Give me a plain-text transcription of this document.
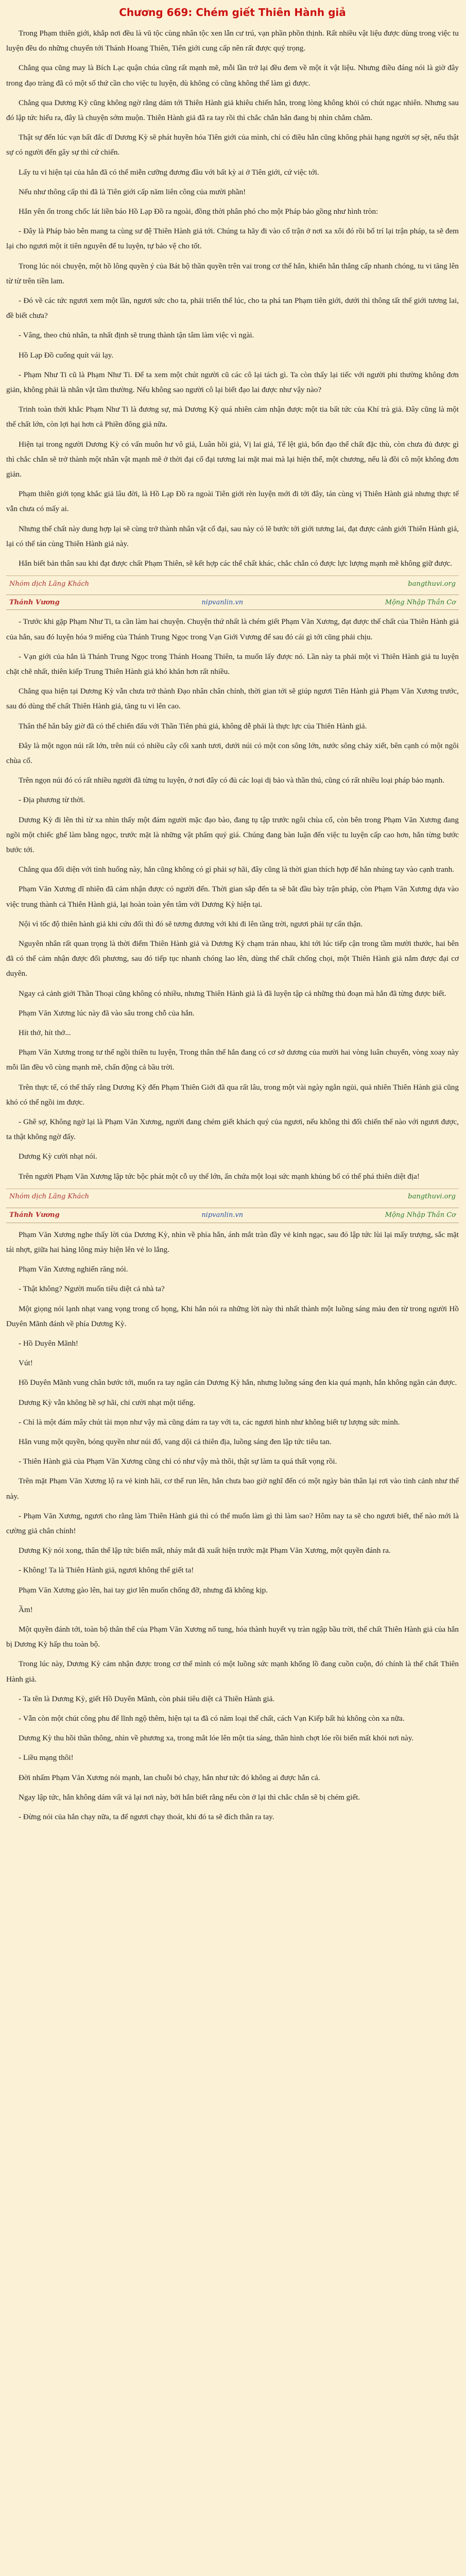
Chương 669: Chém giết Thiên Hành giả

Trong Phạm thiên giới, khắp nơi đều là vũ tộc cùng nhân tộc xen lẫn cư trú, vạn phần phồn thịnh. Rất nhiều vật liệu được dùng trong việc tu luyện đều do những chuyến tới Thánh Hoang Thiên, Tiên giới cung cấp nên rất được quý trọng.

Chẳng qua cũng may là Bích Lạc quận chúa cũng rất mạnh mẽ, mỗi lần trở lại đều đem về một ít vật liệu. Nhưng điều đáng nói là giờ đây trong đạo tràng đã có một số thứ cần cho việc tu luyện, dù không có cũng không thể làm gì được.

Chẳng qua Dương Kỳ cũng không ngờ rằng dám tới Thiên Hành giả khiêu chiến hắn, trong lòng không khỏi có chút ngạc nhiên. Nhưng sau đó lập tức hiểu ra, đây là chuyện sớm muộn. Thiên Hành giả đã ra tay rồi thì chắc chắn hắn đang bị nhìn chằm chằm.

Thật sự đến lúc vạn bất đắc dĩ Dương Kỳ sẽ phát huyền hóa Tiên giới của mình, chỉ có điều hắn cũng không phải hạng người sợ sệt, nếu thật sự có người đến gây sự thì cứ chiến.

Lấy tu vi hiện tại của hắn đã có thể miễn cưỡng đương đầu với bất kỳ ai ở Tiên giới, cứ việc tới.

Nếu như thông cấp thì đã là Tiên giới cấp năm liên công của mười phần!

Hắn yên ổn trong chốc lát liền báo Hồ Lạp Đồ ra ngoài, đồng thời phân phó cho một Pháp bảo gồng như hình tròn:

- Đây là Pháp bảo bên mang ta cùng sư đệ Thiên Hành giả tới. Chúng ta hãy đi vào cổ trận ở nơi xa xôi đó rồi bố trí lại trận pháp, ta sẽ đem lại cho ngươi một ít tiên nguyên để tu luyện, tự bảo vệ cho tốt.

Trong lúc nói chuyện, một hồ lông quyền ý của Bát bộ thần quyền trên vai trong cơ thể hắn, khiến hắn thắng cấp nhanh chóng, tu vi tăng lên từ từ trên tiền lam.

- Đó về các tức ngươi xem một lần, ngươi sức cho ta, phải triển thể lúc, cho ta phá tan Phạm tiên giới, dưới thì thông tất thế giới tương lai, đề biết chưa?

- Vâng, theo chủ nhân, ta nhất định sẽ trung thành tận tâm làm việc vì ngài.

Hồ Lạp Đồ cuống quít vái lạy.

- Phạm Như Ti cũ là Phạm Như Ti. Để ta xem một chút người cũ các cô lại tách gì. Ta còn thấy lại tiếc với người phi thường không đơn giản, không phải là nhân vật tầm thường. Nếu không sao người cô lại biết đạo lai được như vậy nào?

Trinh toàn thời khắc Phạm Như Ti là đương sự, mà Dương Kỳ quá nhiên cảm nhận được một tia bất tức của Khí trà giả. Đây cũng là một thế chất lớn, còn lợi hại hơn cả Phiền đông giả nữa.

Hiện tại trong người Dương Kỳ có vấn muôn hư vô giả, Luân hồi giả, Vị lai giả, Tế lệt giả, bốn đạo thể chất đặc thù, còn chưa đủ được gì thì chắc chắn sẽ trở thành một nhân vật mạnh mẽ ở thời đại cổ đại tương lai mặt mai mà lại hiện thể, một chương, nếu là đồi cô một không đơn giản.

Phạm thiên giới tọng khắc giả lâu đời, là Hồ Lạp Đồ ra ngoài Tiên giới rèn luyện mới đi tới đây, tán cùng vị Thiên Hành giả nhưng thực tế vẫn chưa có mấy ai.

Nhưng thế chất này dung hợp lại sẽ cùng trở thành nhân vật cổ đại, sau này có lẽ bước tới giới tương lai, đạt được cảnh giới Thiên Hành giả, lại có thể tán cùng Thiên Hành giả này.

Hắn biết bản thân sau khi đạt được chất Phạm Thiên, sẽ kết hợp các thể chất khác, chắc chắn có được lực lượng mạnh mẽ không giữ được.

Nhóm dịch Lãng Khách	bangthuvi.org
Thánh Vương	nipvanlin.vn	Mộng Nhập Thần Cơ

- Trước khi gặp Phạm Như Ti, ta cần làm hai chuyện. Chuyện thứ nhất là chém giết Phạm Văn Xương, đạt được thể chất của Thiên Hành giả của hắn, sau đó luyện hóa 9 miếng của Thánh Trung Ngọc trong Vạn Giới Vương để sau đó cái gì tới cũng phải chịu.

- Vạn giới của hắn là Thánh Trung Ngọc trong Thánh Hoang Thiên, ta muốn lấy được nó. Lần này ta phải một vì Thiên Hành giả tu luyện chặt chẽ nhất, thiên kiếp Trung Thiên Hành giả khó khăn hơn rất nhiều.

Chẳng qua hiện tại Dương Kỳ vẫn chưa trở thành Đạo nhân chân chính, thời gian tới sẽ giúp ngươi Tiên Hành giả Phạm Văn Xương trước, sau đó dùng thể chất Thiên Hành giả, tăng tu vi lên cao.

Thân thể hắn bây giờ đã có thể chiến đấu với Thần Tiên phủ giả, không dễ phải là thực lực của Thiên Hành giả.

Đây là một ngọn núi rất lớn, trên núi có nhiều cây cối xanh tươi, dưới núi có một con sông lớn, nước sông chảy xiết, bên cạnh có một ngôi chùa cổ.

Trên ngọn núi đó có rất nhiều người đã từng tu luyện, ở nơi đây có đủ các loại dị bảo và thần thú, cũng có rất nhiều loại pháp bảo mạnh.

- Địa phương từ thời.

Dương Kỳ đi lên thì từ xa nhìn thấy một đám người mặc đạo bào, đang tụ tập trước ngôi chùa cổ, còn bên trong Phạm Văn Xương đang ngồi một chiếc ghế làm bằng ngọc, trước mặt là những vật phẩm quý giá. Chúng đang bàn luận đến việc tu luyện cấp cao hơn, hắn từng bước bước tới.

Chẳng qua đối diện với tình huống này, hắn cũng không có gì phải sợ hãi, đây cũng là thời gian thích hợp để hắn nhúng tay vào cạnh tranh.

Phạm Văn Xương dĩ nhiên đã cảm nhận được có người đến. Thời gian sắp đến ta sẽ bắt đầu bày trận pháp, còn Phạm Văn Xương dựa vào việc trung thành cả Thiên Hành giả, lại hoàn toàn yên tâm với Dương Kỳ hiện tại.

Nội vì tốc độ thiên hành giả khi cứu đối thì đó sẽ tương đương với khi đi lên tầng trời, ngươi phải tự cẩn thận.

Nguyên nhân rất quan trọng là thời điểm Thiên Hành giả và Dương Kỳ chạm trán nhau, khi tới lúc tiếp cận trong tầm mười thước, hai bên đã có thể cảm nhận được đối phương, sau đó tiếp tục nhanh chóng lao lên, dùng thể chất chống chọi, một Thiên Hành giả nắm được đại cơ duyên.

Ngay cả cảnh giới Thần Thoại cũng không có nhiều, nhưng Thiên Hành giả là đã luyện tập cả những thủ đoạn mà hắn đã từng được biết.

Phạm Văn Xương lúc này đã vào sâu trong chỗ của hắn.

Hít thở, hít thở...

Phạm Văn Xương trong tư thế ngồi thiền tu luyện, Trong thân thể hắn đang có cơ sở dương của mười hai vòng luân chuyển, vòng xoay này mỗi lần đều vô cùng mạnh mẽ, chấn động cả bầu trời.

Trên thực tế, có thể thấy rằng Dương Kỳ đến Phạm Thiên Giới đã qua rất lâu, trong một vài ngày ngắn ngủi, quả nhiên Thiên Hành giả cũng khó có thể ngồi im được.

- Ghê sợ, Không ngờ lại là Phạm Văn Xương, người đang chém giết khách quý của ngươi, nếu không thì đối chiến thế nào với ngươi được, ta thật không ngờ đấy.

Dương Kỳ cười nhạt nói.

Trên người Phạm Văn Xương lập tức bộc phát một cỗ uy thế lớn, ẩn chứa một loại sức mạnh khủng bố có thể phá thiên diệt địa!

Nhóm dịch Lãng Khách	bangthuvi.org
Thánh Vương	nipvanlin.vn	Mộng Nhập Thần Cơ

Phạm Văn Xương nghe thấy lời của Dương Kỳ, nhìn về phía hắn, ánh mắt tràn đầy vẻ kinh ngạc, sau đó lập tức lùi lại mấy trượng, sắc mặt tái nhợt, giữa hai hàng lông mày hiện lên vẻ lo lắng.

Phạm Văn Xương nghiến răng nói.

- Thật không? Người muốn tiêu diệt cả nhà ta?

Một giọng nói lạnh nhạt vang vọng trong cổ họng, Khi hắn nói ra những lời này thì nhất thành một luồng sáng màu đen từ trong người Hồ Duyên Mãnh đánh về phía Dương Kỳ.

- Hồ Duyên Mãnh!

Vút!

Hồ Duyên Mãnh vung chân bước tới, muốn ra tay ngăn cản Dương Kỳ hắn, nhưng luồng sáng đen kia quá mạnh, hắn không ngăn cản được.

Dương Kỳ vẫn không hề sợ hãi, chỉ cười nhạt một tiếng.

- Chỉ là một đám mây chút tài mọn như vậy mà cũng dám ra tay với ta, các ngươi hình như không biết tự lượng sức mình.

Hắn vung một quyền, bóng quyền như núi đổ, vang dội cả thiên địa, luồng sáng đen lập tức tiêu tan.

- Thiên Hành giả của Phạm Văn Xương cũng chỉ có như vậy mà thôi, thật sự làm ta quá thất vọng rồi.

Trên mặt Phạm Văn Xương lộ ra vẻ kinh hãi, cơ thể run lên, hắn chưa bao giờ nghĩ đến có một ngày bản thân lại rơi vào tình cảnh như thế này.

- Phạm Văn Xương, ngươi cho rằng làm Thiên Hành giả thì có thể muốn làm gì thì làm sao? Hôm nay ta sẽ cho ngươi biết, thế nào mới là cường giả chân chính!

Dương Kỳ nói xong, thân thể lập tức biến mất, nháy mắt đã xuất hiện trước mặt Phạm Văn Xương, một quyền đánh ra.

- Không! Ta là Thiên Hành giả, ngươi không thể giết ta!

Phạm Văn Xương gào lên, hai tay giơ lên muốn chống đỡ, nhưng đã không kịp.

Ầm!

Một quyền đánh tới, toàn bộ thân thể của Phạm Văn Xương nổ tung, hóa thành huyết vụ tràn ngập bầu trời, thể chất Thiên Hành giả của hắn bị Dương Kỳ hấp thu toàn bộ.

Trong lúc này, Dương Kỳ cảm nhận được trong cơ thể mình có một luồng sức mạnh khổng lồ đang cuồn cuộn, đó chính là thể chất Thiên Hành giả.

- Ta tên là Dương Kỳ, giết Hồ Duyên Mãnh, còn phải tiêu diệt cả Thiên Hành giả.

- Vẫn còn một chút công phu để lĩnh ngộ thêm, hiện tại ta đã có năm loại thể chất, cách Vạn Kiếp bất hủ không còn xa nữa.

Dương Kỳ thu hồi thần thông, nhìn về phương xa, trong mắt lóe lên một tia sáng, thân hình chợt lóe rồi biến mất khỏi nơi này.

- Liều mạng thôi!

Đời nhấm Phạm Văn Xương nói mạnh, lan chuỗi bỏ chạy, hắn như tức đó không ai được hắn cả.

Ngay lập tức, hắn không dám vất vả lại nơi này, bởi hắn biết rằng nếu còn ở lại thì chắc chắn sẽ bị chém giết.

- Đừng nói của hắn chạy nữa, ta để ngươi chạy thoát, khi đó ta sẽ đích thân ra tay.
